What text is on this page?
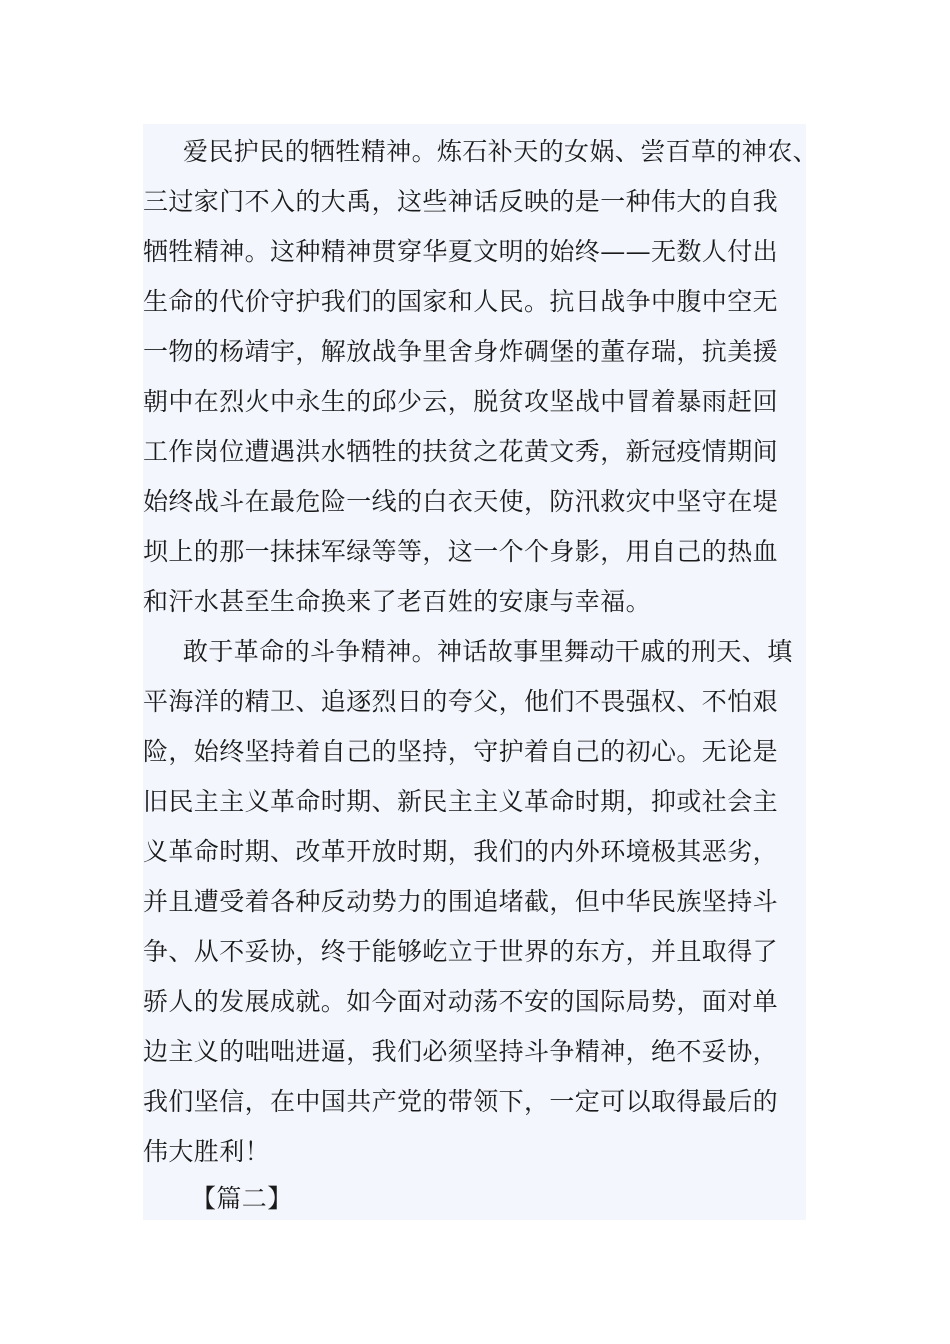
爱民护民的牺牲精神。炼石补天的女娲、尝百草的神农、
三过家门不入的大禹，这些神话反映的是一种伟大的自我
牺牲精神。这种精神贯穿华夏文明的始终——无数人付出
生命的代价守护我们的国家和人民。抗日战争中腹中空无
一物的杨靖宇，解放战争里舍身炸碉堡的董存瑞，抗美援
朝中在烈火中永生的邱少云，脱贫攻坚战中冒着暴雨赶回
工作岗位遭遇洪水牺牲的扶贫之花黄文秀，新冠疫情期间
始终战斗在最危险一线的白衣天使，防汛救灾中坚守在堤
坝上的那一抹抹军绿等等，这一个个身影，用自己的热血
和汗水甚至生命换来了老百姓的安康与幸福。
敢于革命的斗争精神。神话故事里舞动干戚的刑天、填
平海洋的精卫、追逐烈日的夸父，他们不畏强权、不怕艰
险，始终坚持着自己的坚持，守护着自己的初心。无论是
旧民主主义革命时期、新民主主义革命时期，抑或社会主
义革命时期、改革开放时期，我们的内外环境极其恶劣，
并且遭受着各种反动势力的围追堵截，但中华民族坚持斗
争、从不妥协，终于能够屹立于世界的东方，并且取得了
骄人的发展成就。如今面对动荡不安的国际局势，面对单
边主义的咄咄进逼，我们必须坚持斗争精神，绝不妥协，
我们坚信，在中国共产党的带领下，一定可以取得最后的
伟大胜利！
【篇二】
